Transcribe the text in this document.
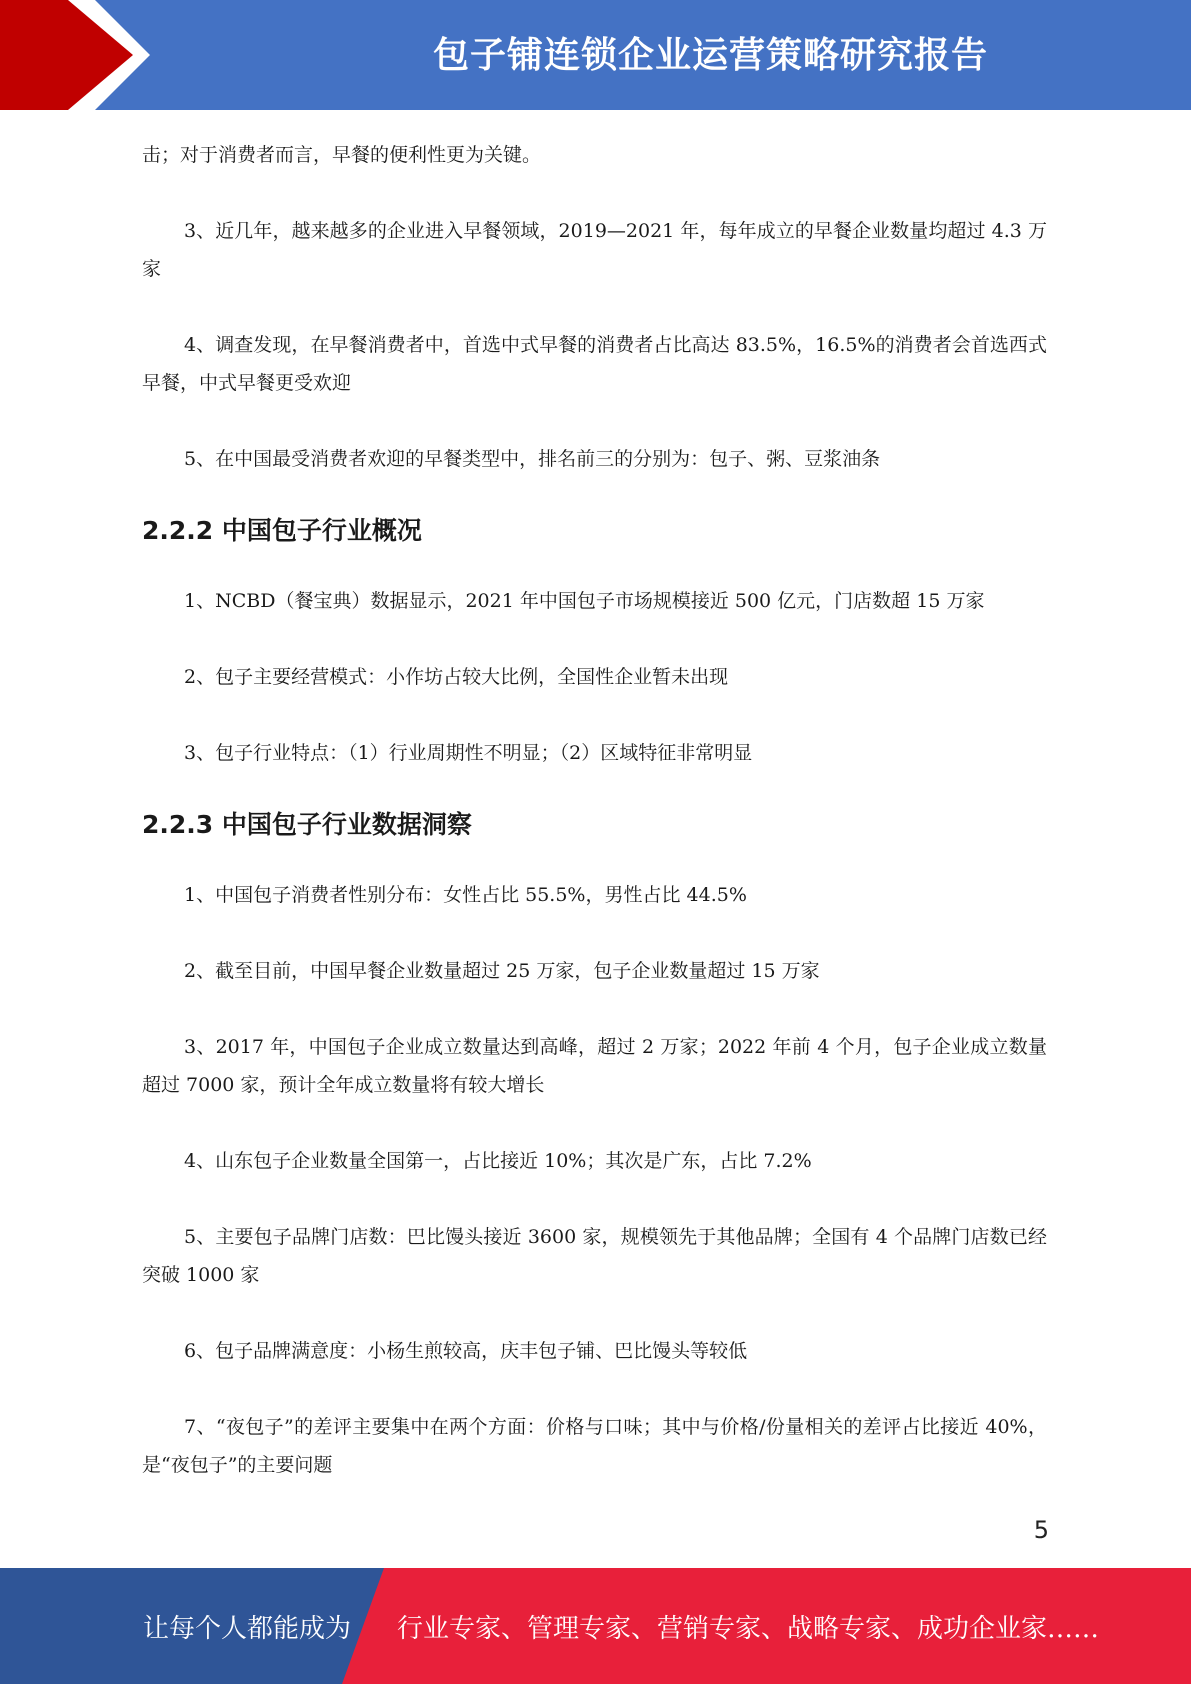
包子铺连锁企业运营策略研究报告

击；对于消费者而言，早餐的便利性更为关键。

3、近几年，越来越多的企业进入早餐领域，2019—2021 年，每年成立的早餐企业数量均超过 4.3 万家

4、调查发现，在早餐消费者中，首选中式早餐的消费者占比高达 83.5%，16.5%的消费者会首选西式早餐，中式早餐更受欢迎

5、在中国最受消费者欢迎的早餐类型中，排名前三的分别为：包子、粥、豆浆油条

2.2.2 中国包子行业概况

1、NCBD（餐宝典）数据显示，2021 年中国包子市场规模接近 500 亿元，门店数超 15 万家

2、包子主要经营模式：小作坊占较大比例，全国性企业暂未出现

3、包子行业特点：（1）行业周期性不明显；（2）区域特征非常明显

2.2.3 中国包子行业数据洞察

1、中国包子消费者性别分布：女性占比 55.5%，男性占比 44.5%

2、截至目前，中国早餐企业数量超过 25 万家，包子企业数量超过 15 万家

3、2017 年，中国包子企业成立数量达到高峰，超过 2 万家；2022 年前 4 个月，包子企业成立数量超过 7000 家，预计全年成立数量将有较大增长

4、山东包子企业数量全国第一，占比接近 10%；其次是广东，占比 7.2%

5、主要包子品牌门店数：巴比馒头接近 3600 家，规模领先于其他品牌；全国有 4 个品牌门店数已经突破 1000 家

6、包子品牌满意度：小杨生煎较高，庆丰包子铺、巴比馒头等较低

7、“夜包子”的差评主要集中在两个方面：价格与口味；其中与价格/份量相关的差评占比接近 40%，是“夜包子”的主要问题

5
让每个人都能成为 行业专家、管理专家、营销专家、战略专家、成功企业家……
